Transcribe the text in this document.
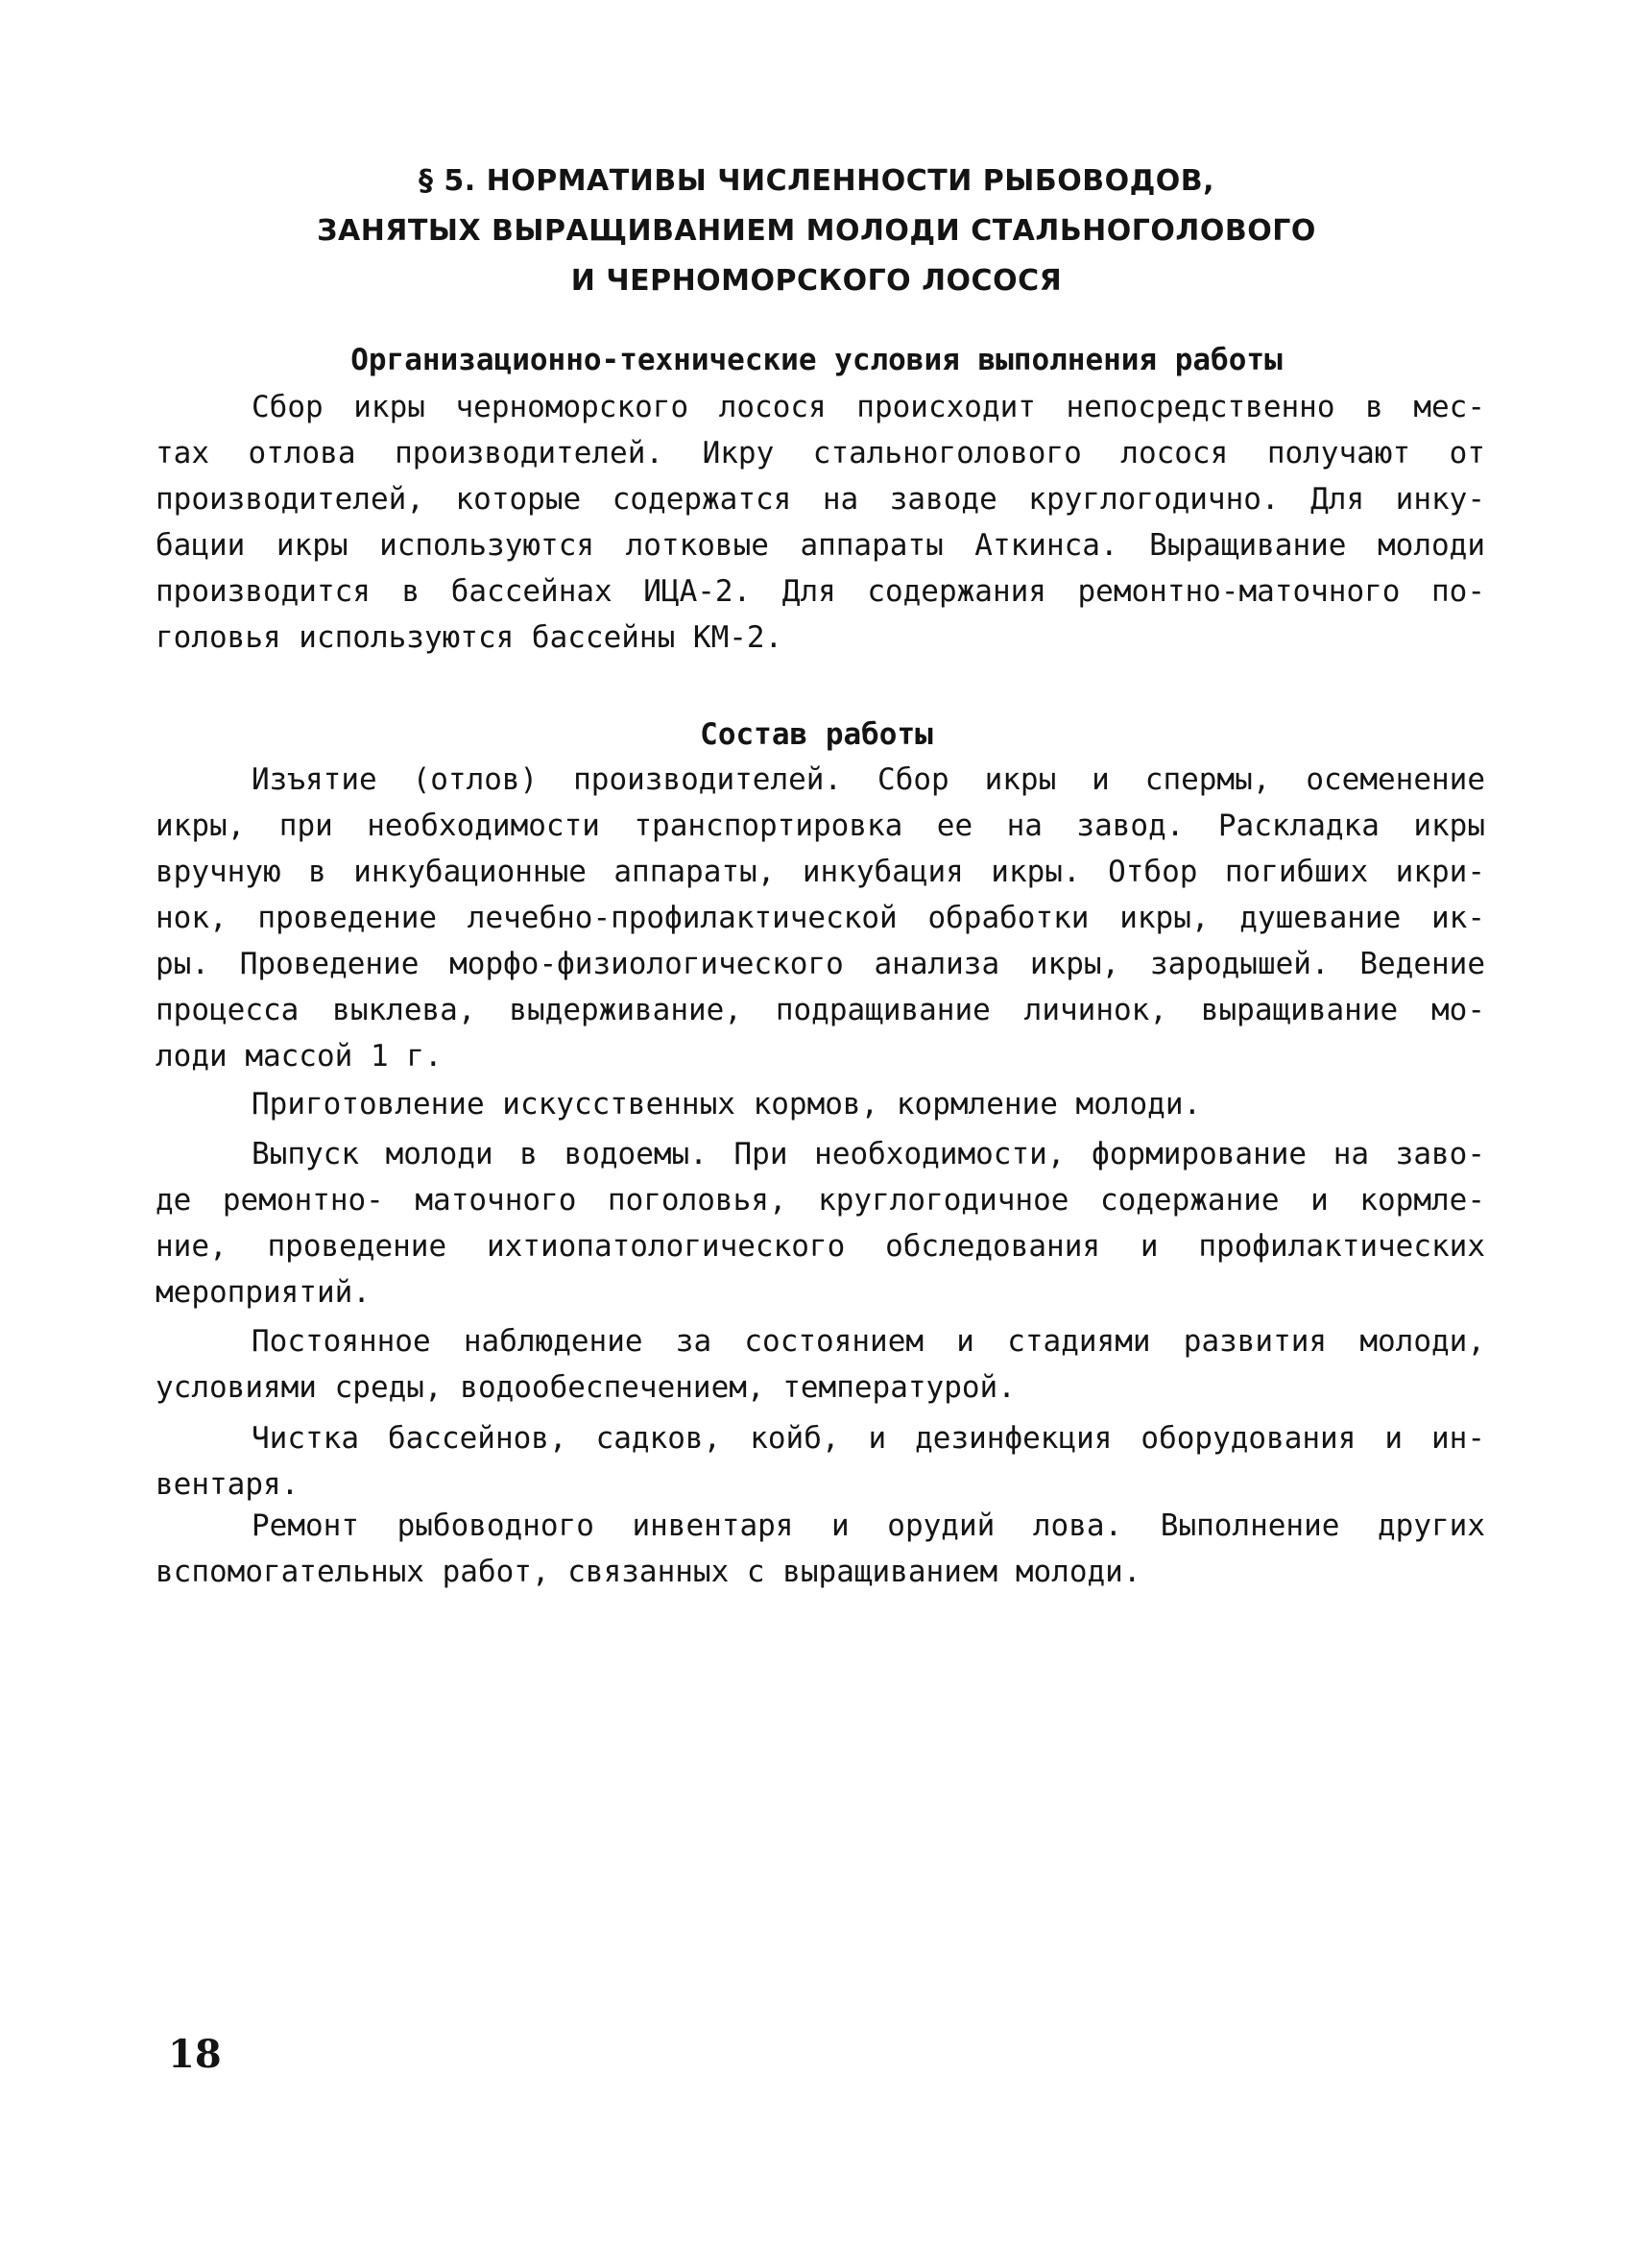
§ 5. НОРМАТИВЫ ЧИСЛЕННОСТИ РЫБОВОДОВ,
ЗАНЯТЫХ ВЫРАЩИВАНИЕМ МОЛОДИ СТАЛЬНОГОЛОВОГО
И ЧЕРНОМОРСКОГО ЛОСОСЯ
Организационно-технические условия выполнения работы
Сбор икры черноморского лосося происходит непосредственно в мес-
тах отлова производителей. Икру стальноголового лосося получают от
производителей, которые содержатся на заводе круглогодично. Для инку-
бации икры используются лотковые аппараты Аткинса. Выращивание молоди
производится в бассейнах ИЦА-2. Для содержания ремонтно-маточного по-
головья используются бассейны КМ-2.
Состав работы
Изъятие (отлов) производителей. Сбор икры и спермы, осеменение
икры, при необходимости транспортировка ее на завод. Раскладка икры
вручную в инкубационные аппараты, инкубация икры. Отбор погибших икри-
нок, проведение лечебно-профилактической обработки икры, душевание ик-
ры. Проведение морфо-физиологического анализа икры, зародышей. Ведение
процесса выклева, выдерживание, подращивание личинок, выращивание мо-
лоди массой 1 г.
Приготовление искусственных кормов, кормление молоди.
Выпуск молоди в водоемы. При необходимости, формирование на заво-
де ремонтно- маточного поголовья, круглогодичное содержание и кормле-
ние, проведение ихтиопатологического обследования и профилактических
мероприятий.
Постоянное наблюдение за состоянием и стадиями развития молоди,
условиями среды, водообеспечением, температурой.
Чистка бассейнов, садков, койб, и дезинфекция оборудования и ин-
вентаря.
Ремонт рыбоводного инвентаря и орудий лова. Выполнение других
вспомогательных работ, связанных с выращиванием молоди.
18
